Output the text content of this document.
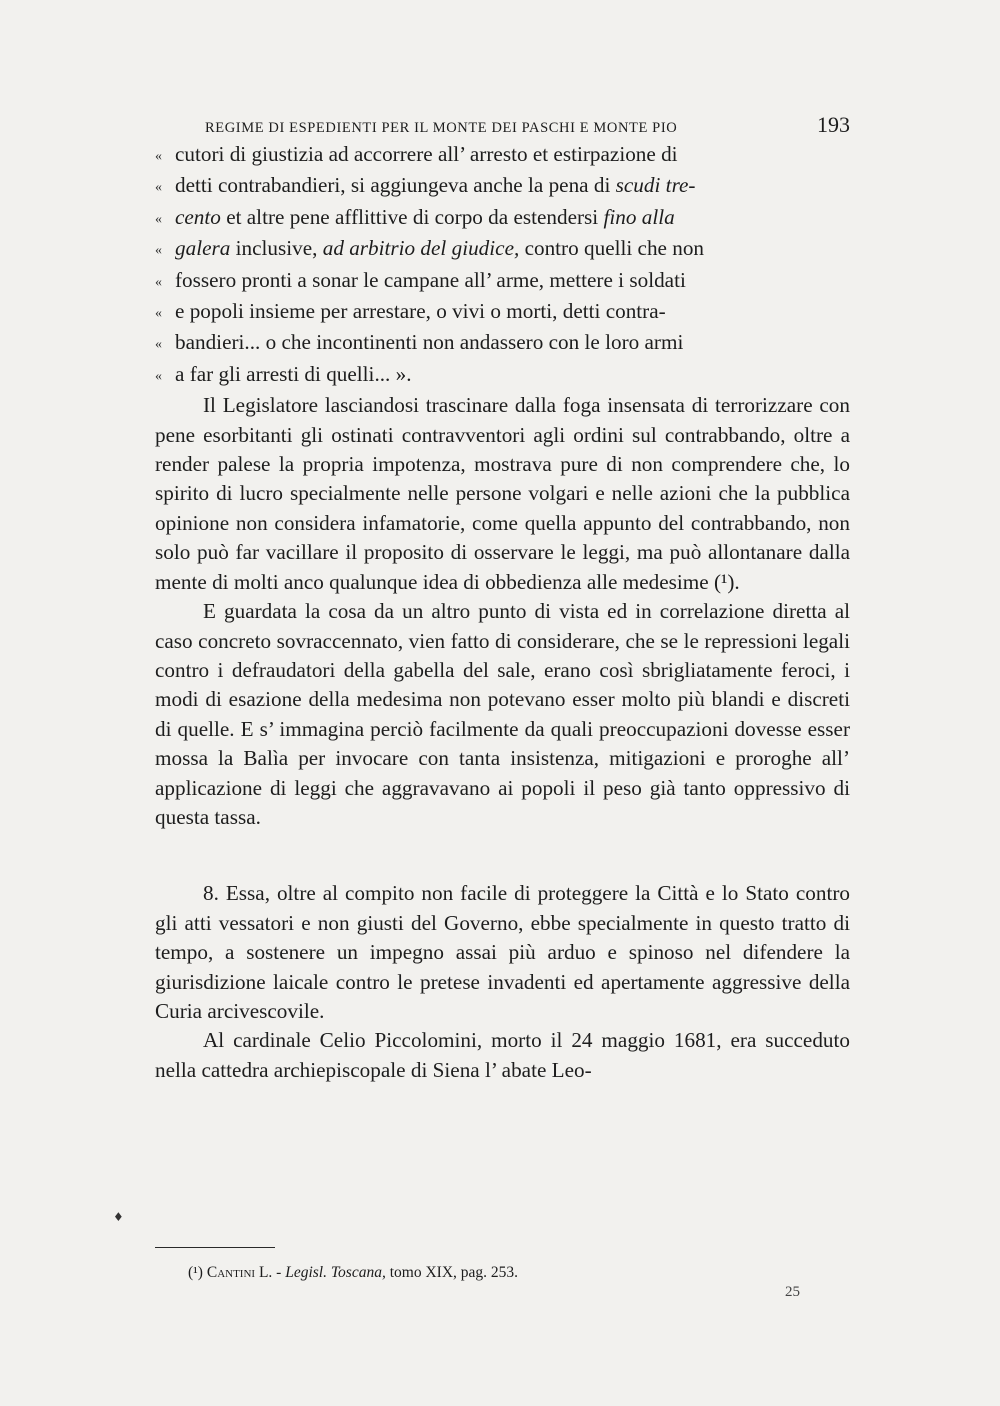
REGIME DI ESPEDIENTI PER IL MONTE DEI PASCHI E MONTE PIO	193

« cutori di giustizia ad accorrere all’ arresto et estirpazione di

« detti contrabandieri, si aggiungeva anche la pena di scudi tre-

« cento et altre pene afflittive di corpo da estendersi fino alla

« galera inclusive, ad arbitrio del giudice, contro quelli che non

« fossero pronti a sonar le campane all’ arme, mettere i soldati

« e popoli insieme per arrestare, o vivi o morti, detti contra-

« bandieri... o che incontinenti non andassero con le loro armi

« a far gli arresti di quelli... ».

Il Legislatore lasciandosi trascinare dalla foga insensata di terrorizzare con pene esorbitanti gli ostinati contravventori agli ordini sul contrabbando, oltre a render palese la propria impotenza, mostrava pure di non comprendere che, lo spirito di lucro specialmente nelle persone volgari e nelle azioni che la pubblica opinione non considera infamatorie, come quella appunto del contrabbando, non solo può far vacillare il proposito di osservare le leggi, ma può allontanare dalla mente di molti anco qualunque idea di obbedienza alle medesime (¹).

E guardata la cosa da un altro punto di vista ed in correlazione diretta al caso concreto sovraccennato, vien fatto di considerare, che se le repressioni legali contro i defraudatori della gabella del sale, erano così sbrigliatamente feroci, i modi di esazione della medesima non potevano esser molto più blandi e discreti di quelle. E s’ immagina perciò facilmente da quali preoccupazioni dovesse esser mossa la Balìa per invocare con tanta insistenza, mitigazioni e proroghe all’ applicazione di leggi che aggravavano ai popoli il peso già tanto oppressivo di questa tassa.

8. Essa, oltre al compito non facile di proteggere la Città e lo Stato contro gli atti vessatori e non giusti del Governo, ebbe specialmente in questo tratto di tempo, a sostenere un impegno assai più arduo e spinoso nel difendere la giurisdizione laicale contro le pretese invadenti ed apertamente aggressive della Curia arcivescovile.

Al cardinale Celio Piccolomini, morto il 24 maggio 1681, era succeduto nella cattedra archiepiscopale di Siena l’ abate Leo-

♦
(¹) Cantini L. - Legisl. Toscana, tomo XIX, pag. 253.
25
